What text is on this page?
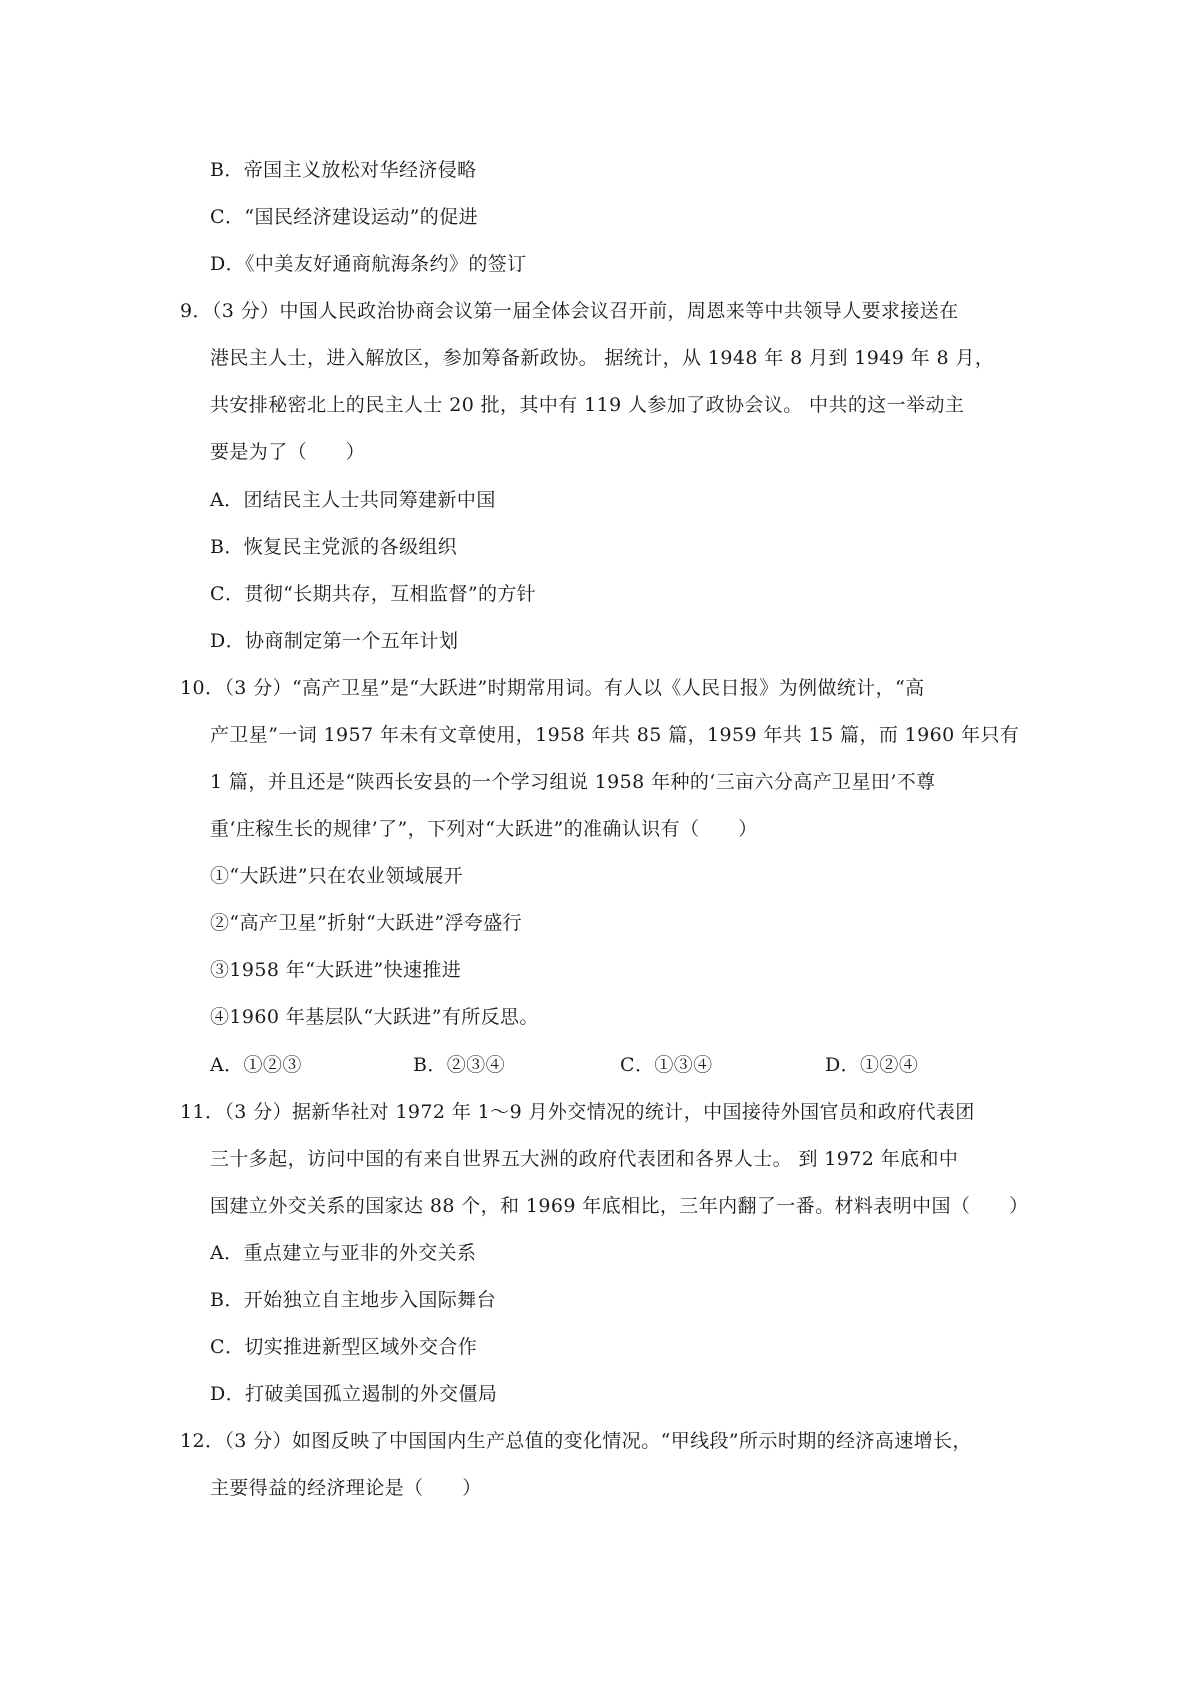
B．帝国主义放松对华经济侵略
C．“国民经济建设运动”的促进
D．《中美友好通商航海条约》的签订
9．（3 分）中国人民政治协商会议第一届全体会议召开前，周恩来等中共领导人要求接送在
港民主人士，进入解放区，参加筹备新政协。 据统计，从 1948 年 8 月到 1949 年 8 月，
共安排秘密北上的民主人士 20 批，其中有 119 人参加了政协会议。 中共的这一举动主
要是为了（　　）
A．团结民主人士共同筹建新中国
B．恢复民主党派的各级组织
C．贯彻“长期共存，互相监督”的方针
D．协商制定第一个五年计划
10．（3 分）“高产卫星”是“大跃进”时期常用词。有人以《人民日报》为例做统计，“高
产卫星”一词 1957 年未有文章使用，1958 年共 85 篇，1959 年共 15 篇，而 1960 年只有
1 篇，并且还是“陕西长安县的一个学习组说 1958 年种的‘三亩六分高产卫星田’不尊
重‘庄稼生长的规律’了”，下列对“大跃进”的准确认识有（　　）
①“大跃进”只在农业领域展开
②“高产卫星”折射“大跃进”浮夸盛行
③1958 年“大跃进”快速推进
④1960 年基层队“大跃进”有所反思。
A．①②③	B．②③④	C．①③④	D．①②④
11．（3 分）据新华社对 1972 年 1～9 月外交情况的统计，中国接待外国官员和政府代表团
三十多起，访问中国的有来自世界五大洲的政府代表团和各界人士。 到 1972 年底和中
国建立外交关系的国家达 88 个，和 1969 年底相比，三年内翻了一番。材料表明中国（　　）
A．重点建立与亚非的外交关系
B．开始独立自主地步入国际舞台
C．切实推进新型区域外交合作
D．打破美国孤立遏制的外交僵局
12．（3 分）如图反映了中国国内生产总值的变化情况。“甲线段”所示时期的经济高速增长，
主要得益的经济理论是（　　）
